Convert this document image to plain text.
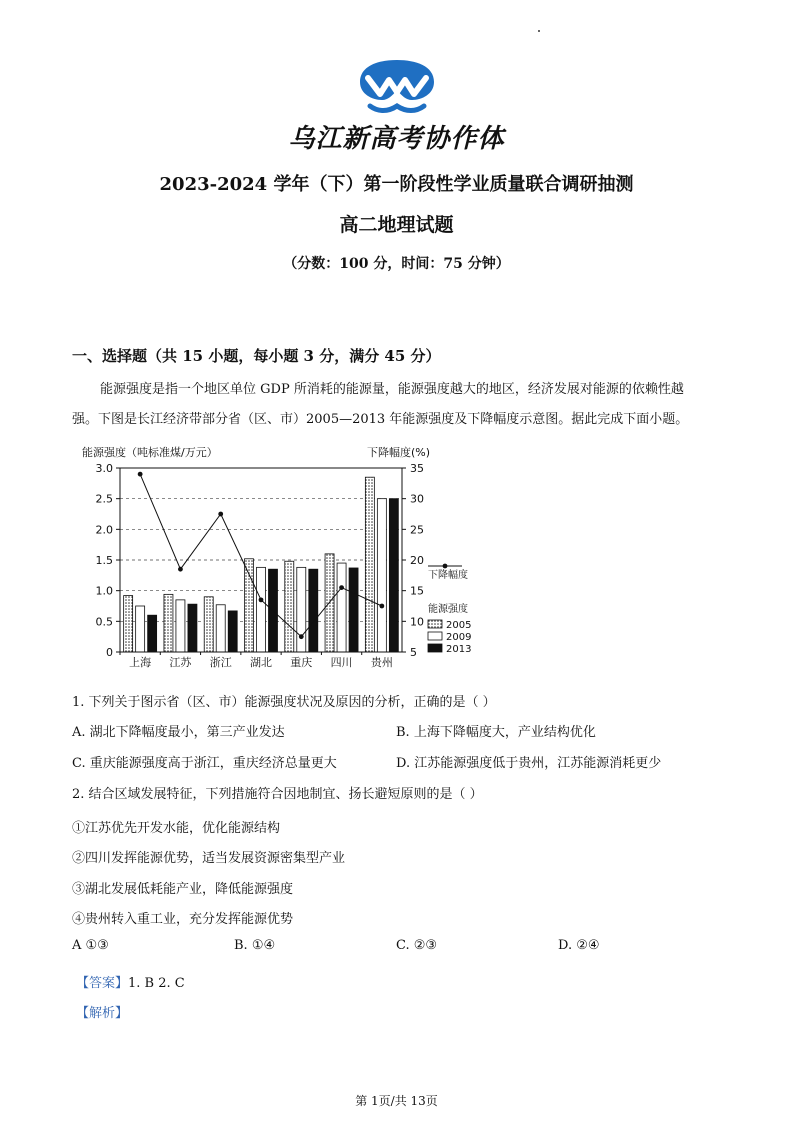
乌江新高考协作体
2023-2024 学年（下）第一阶段性学业质量联合调研抽测
高二地理试题
（分数：100 分，时间：75 分钟）
一、选择题（共 15 小题，每小题 3 分，满分 45 分）
能源强度是指一个地区单位 GDP 所消耗的能源量，能源强度越大的地区，经济发展对能源的依赖性越
强。下图是长江经济带部分省（区、市）2005—2013 年能源强度及下降幅度示意图。据此完成下面小题。
0
0.5
1.0
1.5
2.0
2.5
3.0
5
10
15
20
25
30
35
上海 江苏 浙江 湖北 重庆 四川 贵州
能源强度（吨标准煤/万元）	下降幅度(%)
下降幅度
能源强度
2005
2009
2013
1. 下列关于图示省（区、市）能源强度状况及原因的分析，正确的是（ ）
A. 湖北下降幅度最小，第三产业发达	B. 上海下降幅度大，产业结构优化
C. 重庆能源强度高于浙江，重庆经济总量更大	D. 江苏能源强度低于贵州，江苏能源消耗更少
2. 结合区域发展特征，下列措施符合因地制宜、扬长避短原则的是（ ）
①江苏优先开发水能，优化能源结构
②四川发挥能源优势，适当发展资源密集型产业
③湖北发展低耗能产业，降低能源强度
④贵州转入重工业，充分发挥能源优势
A ①③	B. ①④	C. ②③	D. ②④
【答案】1. B 2. C
【解析】
第 1页/共 13页
